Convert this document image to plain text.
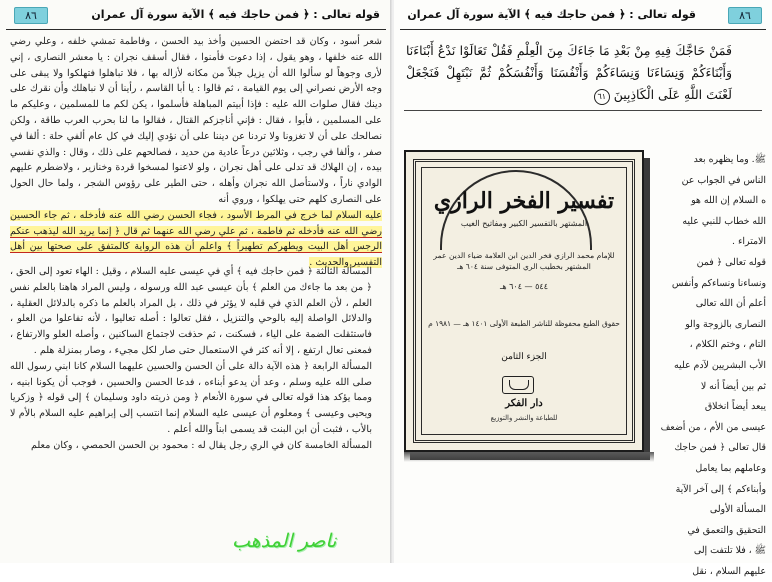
قوله تعالى : ﴿ فمن حاجك فيه ﴾ الآية سورة آل عمران
٨٦

شعر أسود ، وكان قد احتضن الحسين وأخذ بيد الحسن ، وفاطمة تمشي خلفه ، وعلي رضي الله عنه خلفها ، وهو يقول ، إذا دعوت فأمنوا ، فقال أسقف نجران : يا معشر النصارى ، إني لأرى وجوهاً لو سألوا الله أن يزيل جبلاً من مكانه لأزاله بها ، فلا تباهلوا فتهلكوا ولا يبقى على وجه الأرض نصراني إلى يوم القيامة ، ثم قالوا : يا أبا القاسم ، رأينا أن لا نباهلك وأن نقرك على دينك فقال صلوات الله عليه : فإذا أبيتم المباهلة فأسلموا ، يكن لكم ما للمسلمين ، وعليكم ما على المسلمين ، فأبوا ، فقال : فإني أناجزكم القتال ، فقالوا ما لنا بحرب العرب طاقة ، ولكن نصالحك على أن لا تغزونا ولا تردنا عن ديننا على أن نؤدي إليك في كل عام ألفي حلة : ألفا في صفر ، وألفا في رجب ، وثلاثين درعاً عادية من حديد ، فصالحهم على ذلك ، وقال : والذي نفسي بيده ، إن الهلاك قد تدلى على أهل نجران ، ولو لاعنوا لمسخوا قردة وخنازير ، ولاضطرم عليهم الوادي ناراً ، ولاستأصل الله نجران وأهله ، حتى الطير على رؤوس الشجر ، ولما حال الحول على النصارى كلهم حتى يهلكوا ، وروي أنه

عليه السلام لما خرج في المرط الأسود ، فجاء الحسن رضي الله عنه فأدخله ، ثم جاء الحسين رضي الله عنه فأدخله ثم فاطمة ، ثم علي رضي الله عنهما ثم قال ﴿ إنما يريد الله ليذهب عنكم الرجس أهل البيت ويطهركم تطهيراً ﴾ واعلم أن هذه الرواية كالمتفق على صحتها بين أهل التفسير والحديث .

المسألة الثالثة ﴿ فمن حاجك فيه ﴾ أي في عيسى عليه السلام ، وقيل : الهاء تعود إلى الحق ، ﴿ من بعد ما جاءك من العلم ﴾ بأن عيسى عبد الله ورسوله ، وليس المراد هاهنا بالعلم نفس العلم ، لأن العلم الذي في قلبه لا يؤثر في ذلك ، بل المراد بالعلم ما ذكره بالدلائل العقلية ، والدلائل الواصلة إليه بالوحي والتنزيل ، فقل تعالوا : أصله تعاليوا ، لأنه تفاعلوا من العلو ، فاستثقلت الضمة على الياء ، فسكنت ، ثم حذفت لاجتماع الساكنين ، وأصله العلو والارتفاع ، فمعنى تعال ارتفع ، إلا أنه كثر في الاستعمال حتى صار لكل مجيء ، وصار بمنزلة هلم .

المسألة الرابعة ﴿ هذه الآية دالة على أن الحسن والحسين عليهما السلام كانا ابني رسول الله صلى الله عليه وسلم ، وعد أن يدعو أبناءه ، فدعا الحسن والحسين ، فوجب أن يكونا ابنيه ، ومما يؤكد هذا قوله تعالى في سورة الأنعام ﴿ ومن ذريته داود وسليمان ﴾ إلى قوله ﴿ وزكريا ويحيى وعيسى ﴾ ومعلوم أن عيسى عليه السلام إنما انتسب إلى إبراهيم عليه السلام بالأم لا بالأب ، فثبت أن ابن البنت قد يسمى ابناً والله أعلم .

المسألة الخامسة كان في الري رجل يقال له : محمود بن الحسن الحمصي ، وكان معلم

ناصر المذهب
قوله تعالى : ﴿ فمن حاجك فيه ﴾ الآية سورة آل عمران	٨٦
فَمَنْ حَاجَّكَ فِيهِ مِنْ بَعْدِ مَا جَاءَكَ مِنَ الْعِلْمِ فَقُلْ تَعَالَوْا نَدْعُ أَبْنَاءَنَا وَأَبْنَاءَكُمْ وَنِسَاءَنَا وَنِسَاءَكُمْ وَأَنْفُسَنَا وَأَنْفُسَكُمْ ثُمَّ نَبْتَهِلْ فَنَجْعَلْ لَعْنَتَ اللَّهِ عَلَى الْكَاذِبِينَ ٦١
ﷺ. وما يظهره بعد
الناس في الجواب عن
ه السلام إن الله هو
الله خطاب للنبي عليه
الامتراء .
قوله تعالى ﴿ فمن
ونساءنا ونساءكم وأنفس
أعلم أن الله تعالى
النصارى بالزوجة والو
التام ، وختم الكلام ،
الأب البشريين لآدم عليه
ثم بين أيضاً أنه لا
يبعد أيضاً انخلاق
عيسى من الأم ، من أضعف
قال تعالى ﴿ فمن حاجك
وعاملهم بما يعامل
وأبناءكم ﴾ إلى آخر الآية
المسألة الأولى
التحقيق والتعمق في
ﷺ ، فلا تلتفت إلى
عليهم السلام ، نقل
تفسير الفخر الرازي
المشتهر بالتفسير الكبير ومفاتيح الغيب
للإمام محمد الرازي فخر الدين ابن العلامة ضياء الدين عمر المشتهر بخطيب الري المتوفى سنة ٦٠٤ هـ
٥٤٤ — ٦٠٤ هـ
حقوق الطبع محفوظة للناشر الطبعة الأولى ١٤٠١ هـ — ١٩٨١ م
الجزء الثامن
دار الفكر
للطباعة والنشر والتوزيع
